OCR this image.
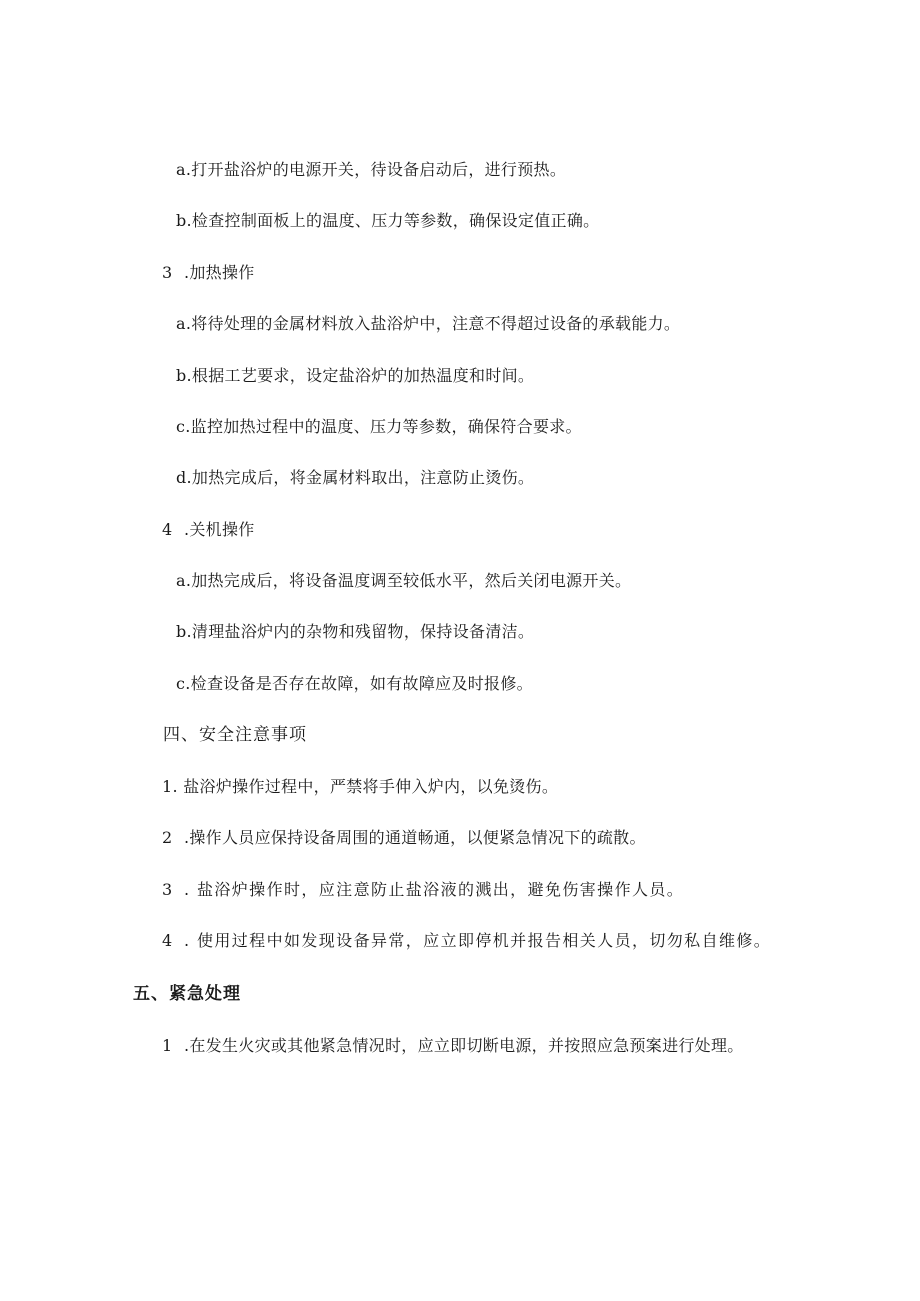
a.打开盐浴炉的电源开关，待设备启动后，进行预热。
b.检查控制面板上的温度、压力等参数，确保设定值正确。
3 .加热操作
a.将待处理的金属材料放入盐浴炉中，注意不得超过设备的承载能力。
b.根据工艺要求，设定盐浴炉的加热温度和时间。
c.监控加热过程中的温度、压力等参数，确保符合要求。
d.加热完成后，将金属材料取出，注意防止烫伤。
4 .关机操作
a.加热完成后，将设备温度调至较低水平，然后关闭电源开关。
b.清理盐浴炉内的杂物和残留物，保持设备清洁。
c.检查设备是否存在故障，如有故障应及时报修。
四、安全注意事项
1. 盐浴炉操作过程中，严禁将手伸入炉内，以免烫伤。
2 .操作人员应保持设备周围的通道畅通，以便紧急情况下的疏散。
3 . 盐浴炉操作时，应注意防止盐浴液的溅出，避免伤害操作人员。
4 . 使用过程中如发现设备异常，应立即停机并报告相关人员，切勿私自维修。
五、紧急处理
1 .在发生火灾或其他紧急情况时，应立即切断电源，并按照应急预案进行处理。
